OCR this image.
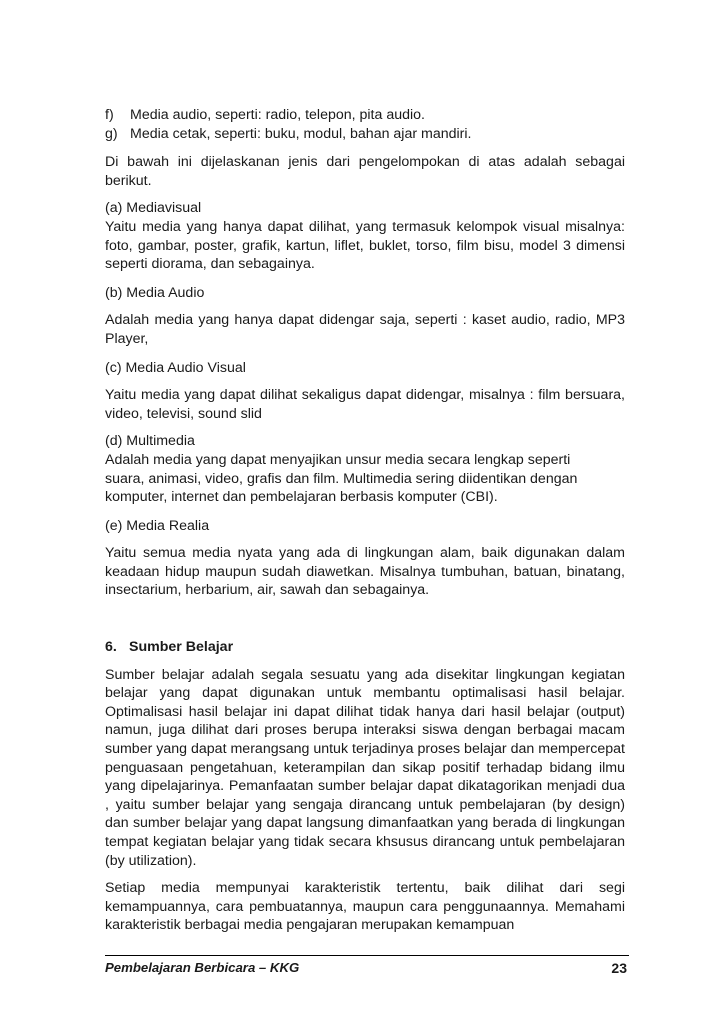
f)	Media audio, seperti: radio, telepon, pita audio.

g) Media cetak, seperti: buku, modul, bahan ajar mandiri.

Di bawah ini dijelaskanan jenis dari pengelompokan di atas adalah sebagai berikut.

(a) Mediavisual

Yaitu media yang hanya dapat dilihat, yang termasuk kelompok visual misalnya: foto, gambar, poster, grafik, kartun, liflet, buklet, torso, film bisu, model 3 dimensi seperti diorama, dan sebagainya.

(b) Media Audio

Adalah media yang hanya dapat didengar saja, seperti : kaset audio, radio, MP3 Player,

(c) Media Audio Visual

Yaitu media yang dapat dilihat sekaligus dapat didengar, misalnya : film bersuara, video, televisi, sound slid

(d) Multimedia

Adalah media yang dapat menyajikan unsur media secara lengkap seperti

suara, animasi, video, grafis dan film. Multimedia sering diidentikan dengan

komputer, internet dan pembelajaran berbasis komputer (CBI).

(e) Media Realia

Yaitu semua media nyata yang ada di lingkungan alam, baik digunakan dalam keadaan hidup maupun sudah diawetkan. Misalnya tumbuhan, batuan, binatang, insectarium, herbarium, air, sawah dan sebagainya.

6. Sumber Belajar

Sumber belajar adalah segala sesuatu yang ada disekitar lingkungan kegiatan belajar yang dapat digunakan untuk membantu optimalisasi hasil belajar. Optimalisasi hasil belajar ini dapat dilihat tidak hanya dari hasil belajar (output) namun, juga dilihat dari proses berupa interaksi siswa dengan berbagai macam sumber yang dapat merangsang untuk terjadinya proses belajar dan mempercepat penguasaan pengetahuan, keterampilan dan sikap positif terhadap bidang ilmu yang dipelajarinya. Pemanfaatan sumber belajar dapat dikatagorikan menjadi dua , yaitu sumber belajar yang sengaja dirancang untuk pembelajaran (by design) dan sumber belajar yang dapat langsung dimanfaatkan yang berada di lingkungan tempat kegiatan belajar yang tidak secara khsusus dirancang untuk pembelajaran (by utilization).

Setiap media mempunyai karakteristik tertentu, baik dilihat dari segi kemampuannya, cara pembuatannya, maupun cara penggunaannya. Memahami karakteristik berbagai media pengajaran merupakan kemampuan

Pembelajaran Berbicara – KKG	23
